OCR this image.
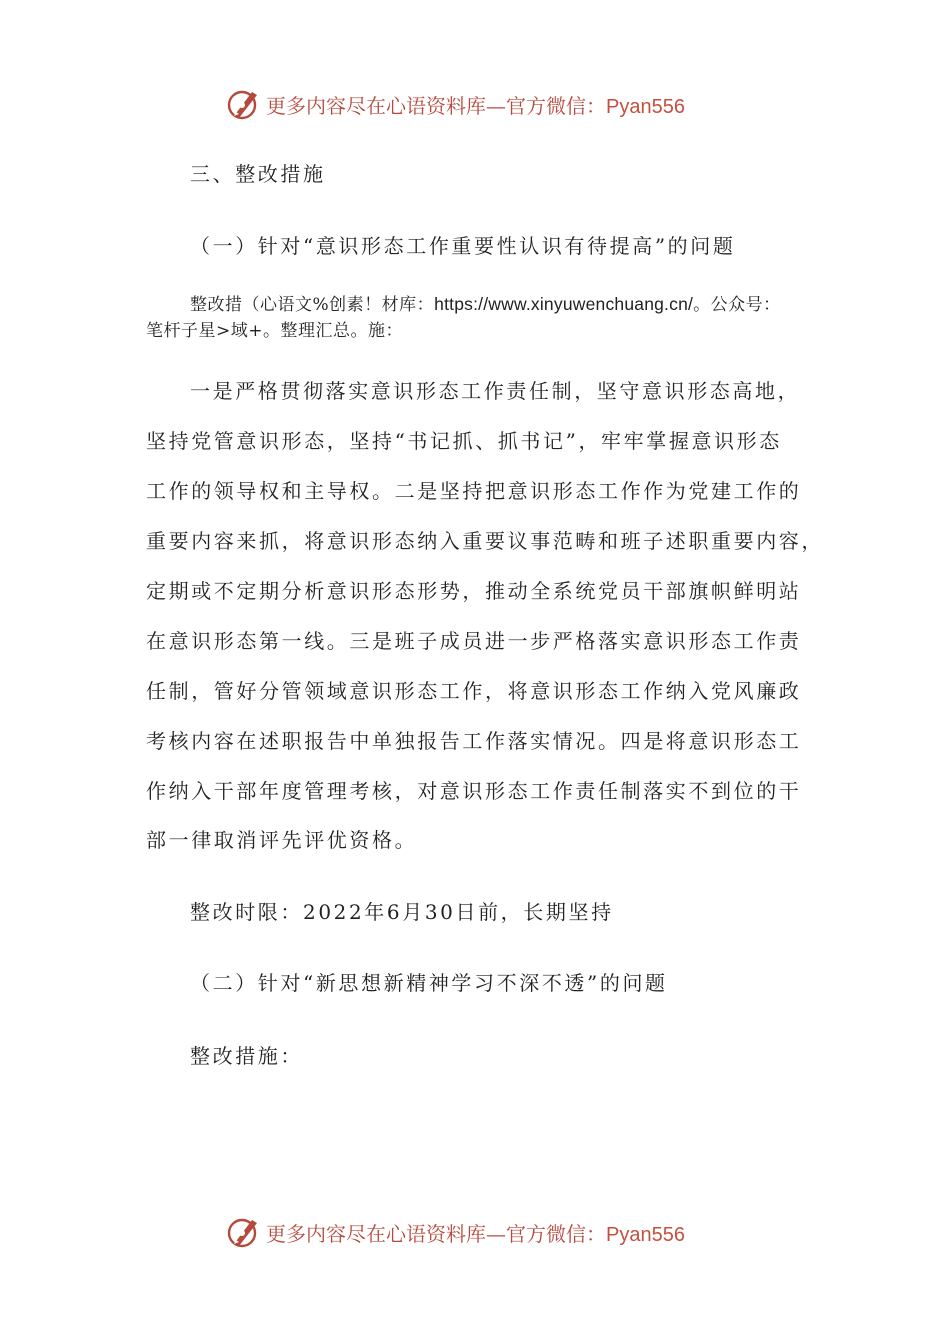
更多内容尽在心语资料库—官方微信：Pyan556
三、整改措施
（一）针对“意识形态工作重要性认识有待提高”的问题
整改措（心语文%创素！材库：https://www.xinyuwenchuang.cn/。公众号：
笔杆子星>域+。整理汇总。施：
一是严格贯彻落实意识形态工作责任制，坚守意识形态高地，
坚持党管意识形态，坚持“书记抓、抓书记”，牢牢掌握意识形态
工作的领导权和主导权。二是坚持把意识形态工作作为党建工作的
重要内容来抓，将意识形态纳入重要议事范畴和班子述职重要内容，
定期或不定期分析意识形态形势，推动全系统党员干部旗帜鲜明站
在意识形态第一线。三是班子成员进一步严格落实意识形态工作责
任制，管好分管领域意识形态工作，将意识形态工作纳入党风廉政
考核内容在述职报告中单独报告工作落实情况。四是将意识形态工
作纳入干部年度管理考核，对意识形态工作责任制落实不到位的干
部一律取消评先评优资格。
整改时限：2022年6月30日前，长期坚持
（二）针对“新思想新精神学习不深不透”的问题
整改措施：
更多内容尽在心语资料库—官方微信：Pyan556
